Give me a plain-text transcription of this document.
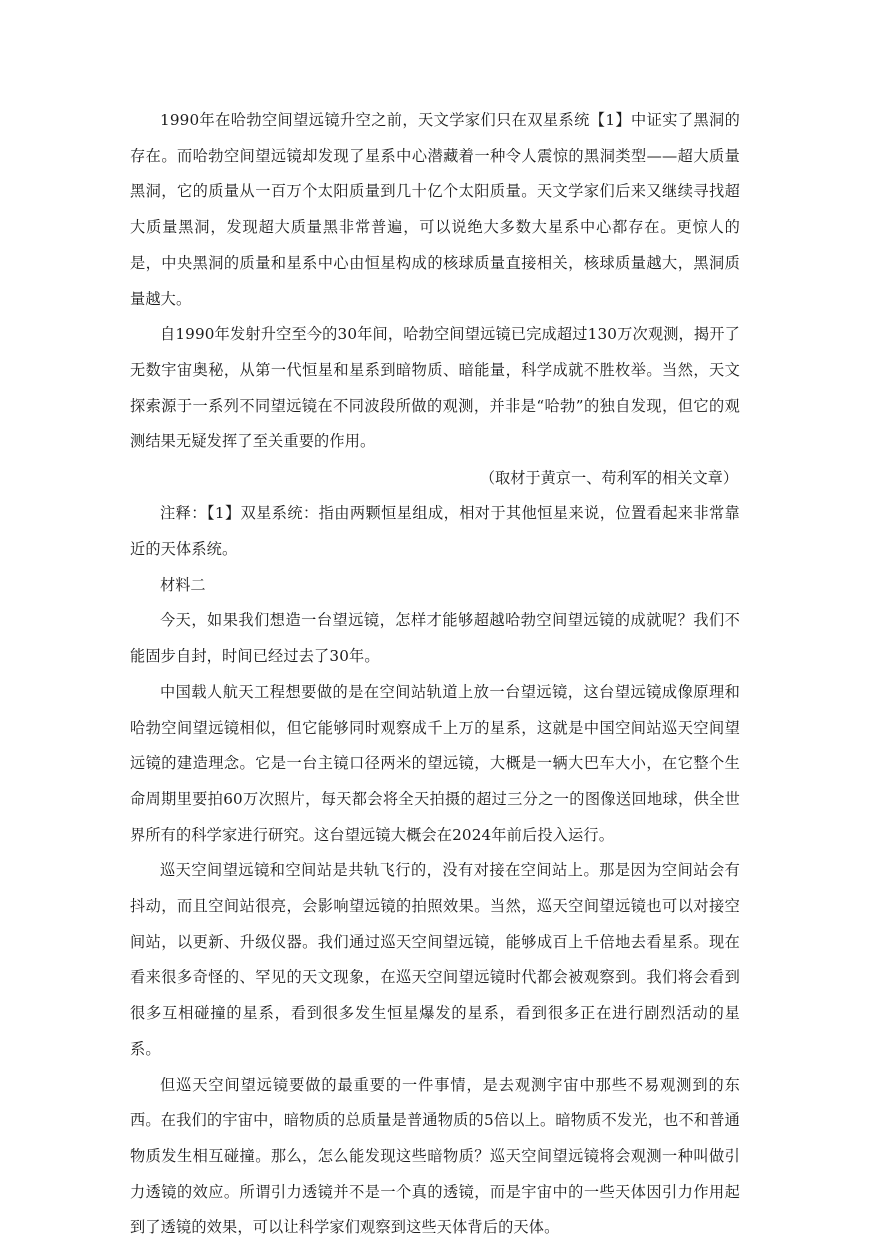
1990年在哈勃空间望远镜升空之前，天文学家们只在双星系统【1】中证实了黑洞的存在。而哈勃空间望远镜却发现了星系中心潜藏着一种令人震惊的黑洞类型——超大质量黑洞，它的质量从一百万个太阳质量到几十亿个太阳质量。天文学家们后来又继续寻找超大质量黑洞，发现超大质量黑非常普遍，可以说绝大多数大星系中心都存在。更惊人的是，中央黑洞的质量和星系中心由恒星构成的核球质量直接相关，核球质量越大，黑洞质量越大。

自1990年发射升空至今的30年间，哈勃空间望远镜已完成超过130万次观测，揭开了无数宇宙奥秘，从第一代恒星和星系到暗物质、暗能量，科学成就不胜枚举。当然，天文探索源于一系列不同望远镜在不同波段所做的观测，并非是“哈勃”的独自发现，但它的观测结果无疑发挥了至关重要的作用。

（取材于黄京一、苟利军的相关文章）

注释：【1】双星系统：指由两颗恒星组成，相对于其他恒星来说，位置看起来非常靠近的天体系统。

材料二

今天，如果我们想造一台望远镜，怎样才能够超越哈勃空间望远镜的成就呢？我们不能固步自封，时间已经过去了30年。

中国载人航天工程想要做的是在空间站轨道上放一台望远镜，这台望远镜成像原理和哈勃空间望远镜相似，但它能够同时观察成千上万的星系，这就是中国空间站巡天空间望远镜的建造理念。它是一台主镜口径两米的望远镜，大概是一辆大巴车大小，在它整个生命周期里要拍60万次照片，每天都会将全天拍摄的超过三分之一的图像送回地球，供全世界所有的科学家进行研究。这台望远镜大概会在2024年前后投入运行。

巡天空间望远镜和空间站是共轨飞行的，没有对接在空间站上。那是因为空间站会有抖动，而且空间站很亮，会影响望远镜的拍照效果。当然，巡天空间望远镜也可以对接空间站，以更新、升级仪器。我们通过巡天空间望远镜，能够成百上千倍地去看星系。现在看来很多奇怪的、罕见的天文现象，在巡天空间望远镜时代都会被观察到。我们将会看到很多互相碰撞的星系，看到很多发生恒星爆发的星系，看到很多正在进行剧烈活动的星系。

但巡天空间望远镜要做的最重要的一件事情，是去观测宇宙中那些不易观测到的东西。在我们的宇宙中，暗物质的总质量是普通物质的5倍以上。暗物质不发光，也不和普通物质发生相互碰撞。那么，怎么能发现这些暗物质？巡天空间望远镜将会观测一种叫做引力透镜的效应。所谓引力透镜并不是一个真的透镜，而是宇宙中的一些天体因引力作用起到了透镜的效果，可以让科学家们观察到这些天体背后的天体。
